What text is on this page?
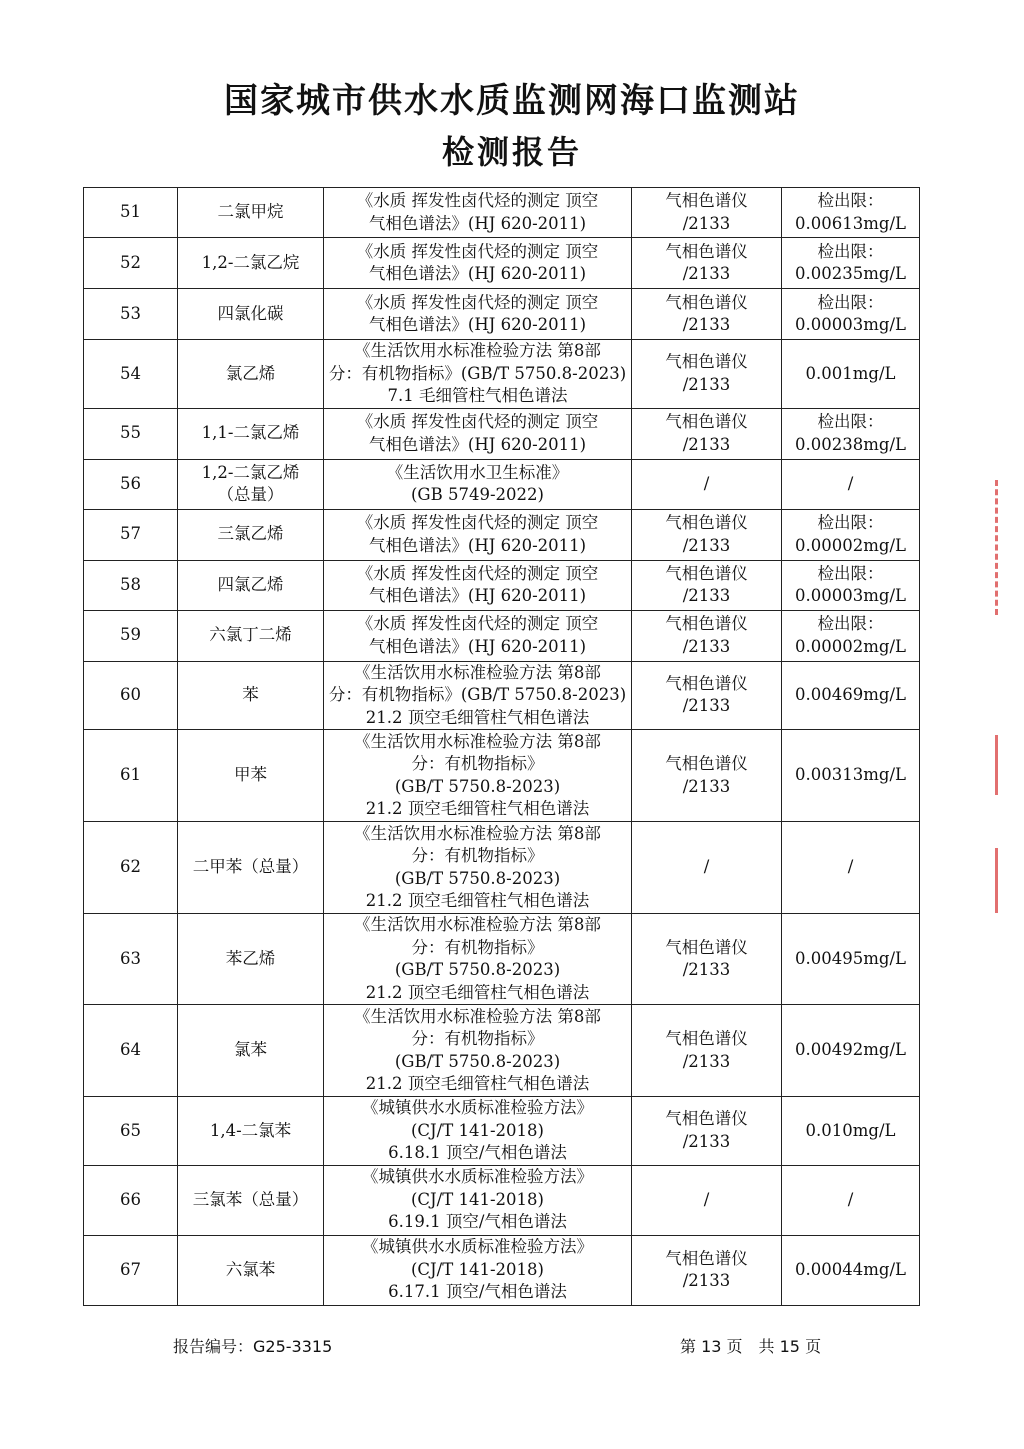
国家城市供水水质监测网海口监测站
检测报告
51	二氯甲烷	《水质 挥发性卤代烃的测定 顶空
气相色谱法》(HJ 620-2011)	气相色谱仪
/2133	检出限：
0.00613mg/L

52	1,2-二氯乙烷	《水质 挥发性卤代烃的测定 顶空
气相色谱法》(HJ 620-2011)	气相色谱仪
/2133	检出限：
0.00235mg/L

53	四氯化碳	《水质 挥发性卤代烃的测定 顶空
气相色谱法》(HJ 620-2011)	气相色谱仪
/2133	检出限：
0.00003mg/L

54	氯乙烯	《生活饮用水标准检验方法 第8部
分：有机物指标》(GB/T 5750.8-2023)
7.1 毛细管柱气相色谱法	气相色谱仪
/2133	0.001mg/L

55	1,1-二氯乙烯	《水质 挥发性卤代烃的测定 顶空
气相色谱法》(HJ 620-2011)	气相色谱仪
/2133	检出限：
0.00238mg/L

56	1,2-二氯乙烯
（总量）	《生活饮用水卫生标准》
(GB 5749-2022)	/	/

57	三氯乙烯	《水质 挥发性卤代烃的测定 顶空
气相色谱法》(HJ 620-2011)	气相色谱仪
/2133	检出限：
0.00002mg/L

58	四氯乙烯	《水质 挥发性卤代烃的测定 顶空
气相色谱法》(HJ 620-2011)	气相色谱仪
/2133	检出限：
0.00003mg/L

59	六氯丁二烯	《水质 挥发性卤代烃的测定 顶空
气相色谱法》(HJ 620-2011)	气相色谱仪
/2133	检出限：
0.00002mg/L

60	苯	《生活饮用水标准检验方法 第8部
分：有机物指标》(GB/T 5750.8-2023)
21.2 顶空毛细管柱气相色谱法	气相色谱仪
/2133	0.00469mg/L

61	甲苯	《生活饮用水标准检验方法 第8部
分：有机物指标》
(GB/T 5750.8-2023)
21.2 顶空毛细管柱气相色谱法	气相色谱仪
/2133	0.00313mg/L

62	二甲苯（总量）	《生活饮用水标准检验方法 第8部
分：有机物指标》
(GB/T 5750.8-2023)
21.2 顶空毛细管柱气相色谱法	/	/

63	苯乙烯	《生活饮用水标准检验方法 第8部
分：有机物指标》
(GB/T 5750.8-2023)
21.2 顶空毛细管柱气相色谱法	气相色谱仪
/2133	0.00495mg/L

64	氯苯	《生活饮用水标准检验方法 第8部
分：有机物指标》
(GB/T 5750.8-2023)
21.2 顶空毛细管柱气相色谱法	气相色谱仪
/2133	0.00492mg/L

65	1,4-二氯苯	《城镇供水水质标准检验方法》
(CJ/T 141-2018)
6.18.1 顶空/气相色谱法	气相色谱仪
/2133	0.010mg/L

66	三氯苯（总量）	《城镇供水水质标准检验方法》
(CJ/T 141-2018)
6.19.1 顶空/气相色谱法	/	/

67	六氯苯	《城镇供水水质标准检验方法》
(CJ/T 141-2018)
6.17.1 顶空/气相色谱法	气相色谱仪
/2133	0.00044mg/L
报告编号：G25-3315	第 13 页　共 15 页
